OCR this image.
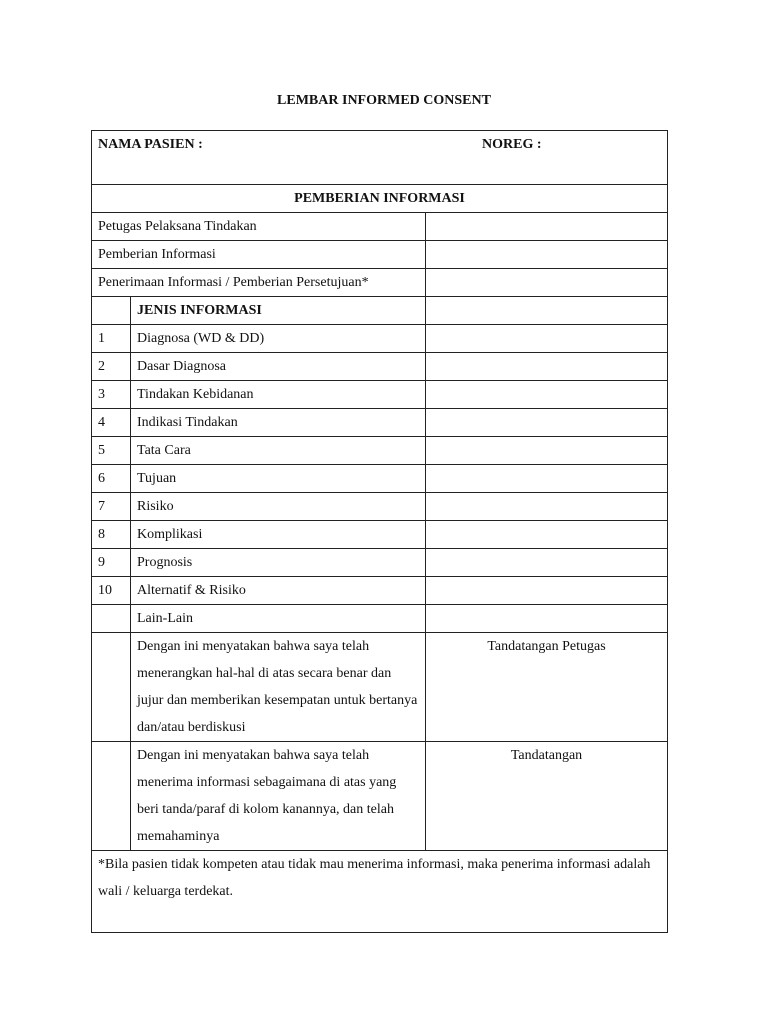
LEMBAR INFORMED CONSENT
NAMA PASIEN : NOREG :		

PEMBERIAN INFORMASI		
Petugas Pelaksana Tindakan		
Pemberian Informasi		
Penerimaan Informasi / Pemberian Persetujuan*		
	JENIS INFORMASI	
1	Diagnosa (WD & DD)	
2	Dasar Diagnosa	
3	Tindakan Kebidanan	
4	Indikasi Tindakan	
5	Tata Cara	
6	Tujuan	
7	Risiko	
8	Komplikasi	
9	Prognosis	
10	Alternatif & Risiko	
	Lain-Lain	
	Dengan ini menyatakan bahwa saya telah menerangkan hal-hal di atas secara benar dan jujur dan memberikan kesempatan untuk bertanya dan/atau berdiskusi	Tandatangan Petugas
	Dengan ini menyatakan bahwa saya telah menerima informasi sebagaimana di atas yang beri tanda/paraf di kolom kanannya, dan telah memahaminya	Tandatangan
*Bila pasien tidak kompeten atau tidak mau menerima informasi, maka penerima informasi adalah wali / keluarga terdekat.		
